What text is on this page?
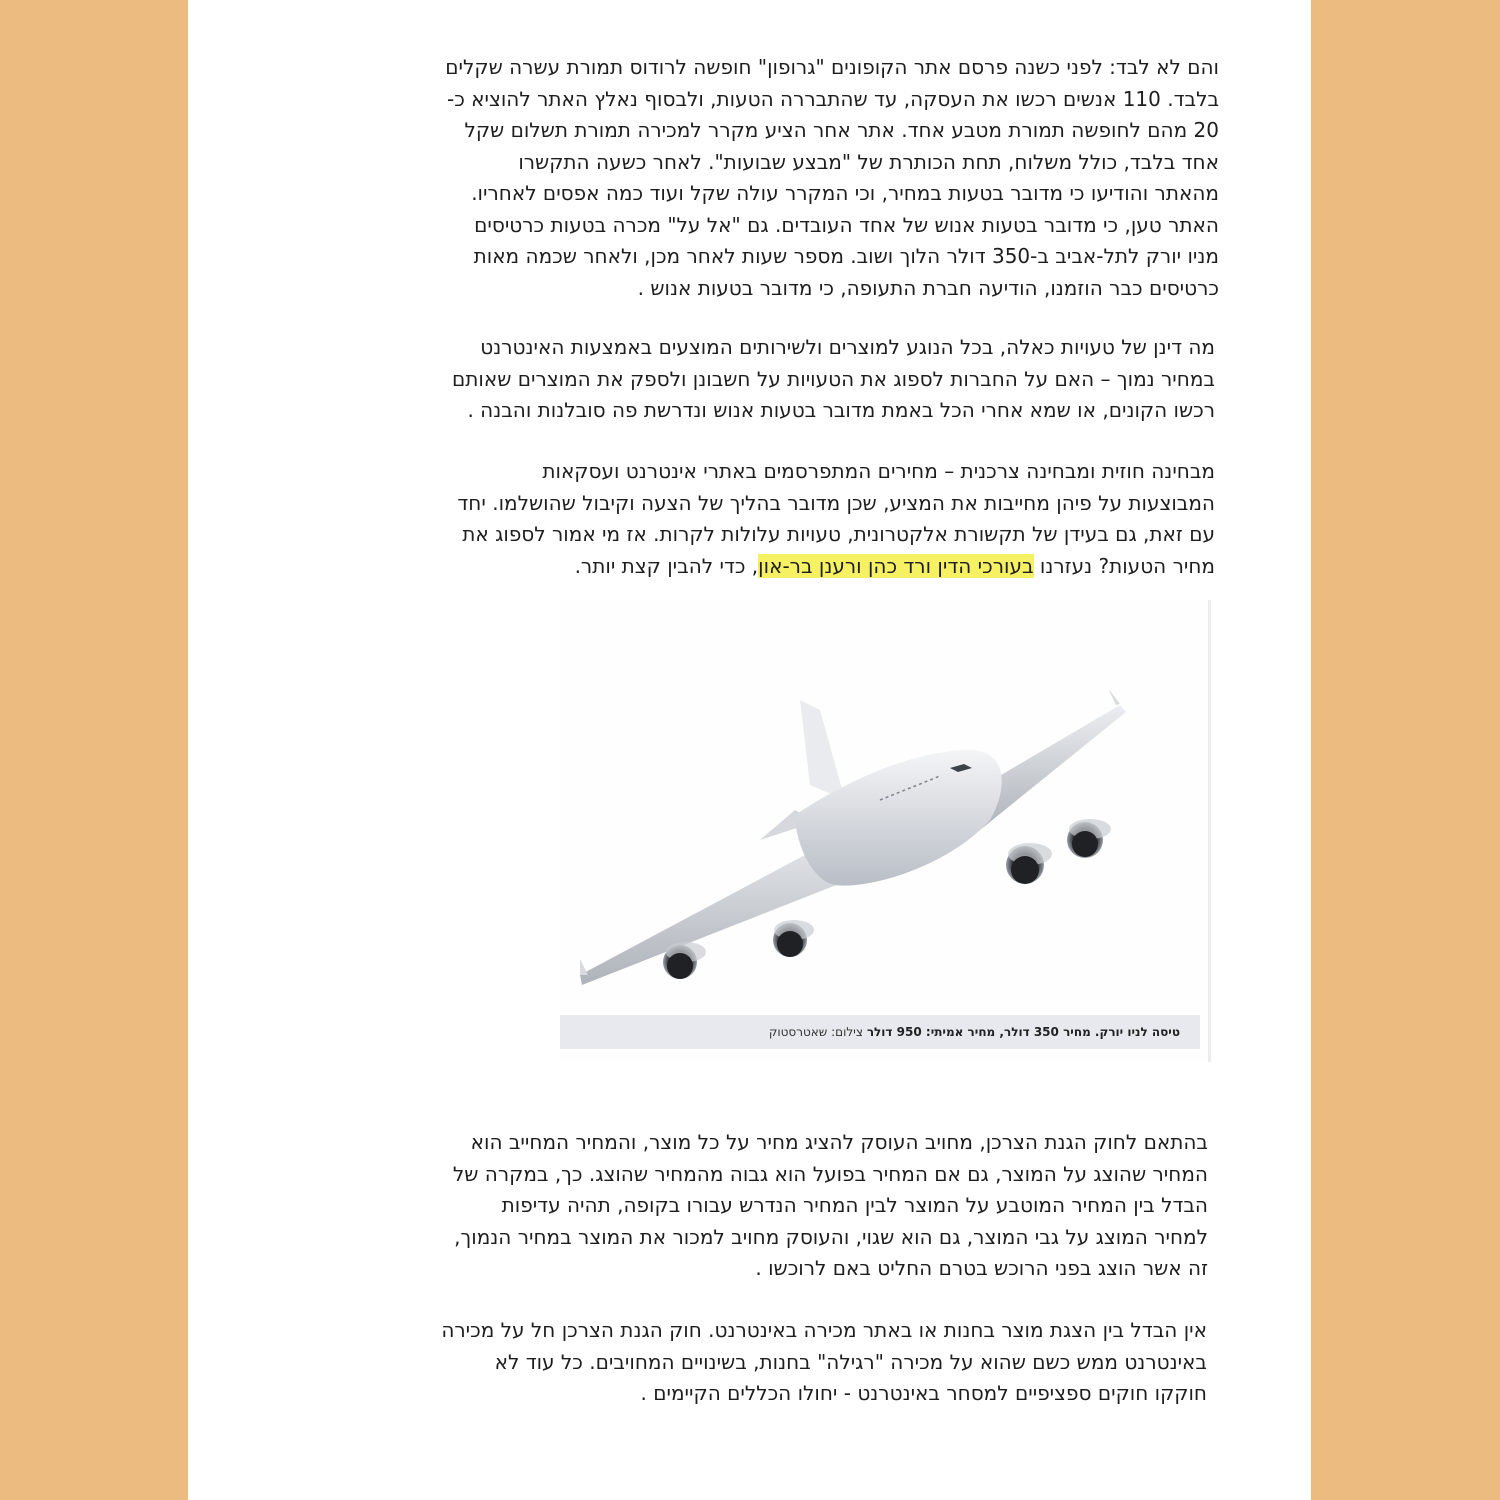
והם לא לבד: לפני כשנה פרסם אתר הקופונים "גרופון" חופשה לרודוס תמורת עשרה שקלים
בלבד. 110 אנשים רכשו את העסקה, עד שהתבררה הטעות, ולבסוף נאלץ האתר להוציא כ-
20 מהם לחופשה תמורת מטבע אחד. אתר אחר הציע מקרר למכירה תמורת תשלום שקל
אחד בלבד, כולל משלוח, תחת הכותרת של "מבצע שבועות". לאחר כשעה התקשרו
מהאתר והודיעו כי מדובר בטעות במחיר, וכי המקרר עולה שקל ועוד כמה אפסים לאחריו.
האתר טען, כי מדובר בטעות אנוש של אחד העובדים. גם "אל על" מכרה בטעות כרטיסים
מניו יורק לתל-אביב ב-350 דולר הלוך ושוב. מספר שעות לאחר מכן, ולאחר שכמה מאות
כרטיסים כבר הוזמנו, הודיעה חברת התעופה, כי מדובר בטעות אנוש .
מה דינן של טעויות כאלה, בכל הנוגע למוצרים ולשירותים המוצעים באמצעות האינטרנט
במחיר נמוך – האם על החברות לספוג את הטעויות על חשבונן ולספק את המוצרים שאותם
רכשו הקונים, או שמא אחרי הכל באמת מדובר בטעות אנוש ונדרשת פה סובלנות והבנה .
מבחינה חוזית ומבחינה צרכנית – מחירים המתפרסמים באתרי אינטרנט ועסקאות
המבוצעות על פיהן מחייבות את המציע, שכן מדובר בהליך של הצעה וקיבול שהושלמו. יחד
עם זאת, גם בעידן של תקשורת אלקטרונית, טעויות עלולות לקרות. אז מי אמור לספוג את
מחיר הטעות? נעזרנו בעורכי הדין ורד כהן ורענן בר-און, כדי להבין קצת יותר.
טיסה לניו יורק. מחיר 350 דולר, מחיר אמיתי: 950 דולר צילום: שאטרסטוק
בהתאם לחוק הגנת הצרכן, מחויב העוסק להציג מחיר על כל מוצר, והמחיר המחייב הוא
המחיר שהוצג על המוצר, גם אם המחיר בפועל הוא גבוה מהמחיר שהוצג. כך, במקרה של
הבדל בין המחיר המוטבע על המוצר לבין המחיר הנדרש עבורו בקופה, תהיה עדיפות
למחיר המוצג על גבי המוצר, גם הוא שגוי, והעוסק מחויב למכור את המוצר במחיר הנמוך,
זה אשר הוצג בפני הרוכש בטרם החליט באם לרוכשו .
אין הבדל בין הצגת מוצר בחנות או באתר מכירה באינטרנט. חוק הגנת הצרכן חל על מכירה
באינטרנט ממש כשם שהוא על מכירה "רגילה" בחנות, בשינויים המחויבים. כל עוד לא
חוקקו חוקים ספציפיים למסחר באינטרנט - יחולו הכללים הקיימים .
